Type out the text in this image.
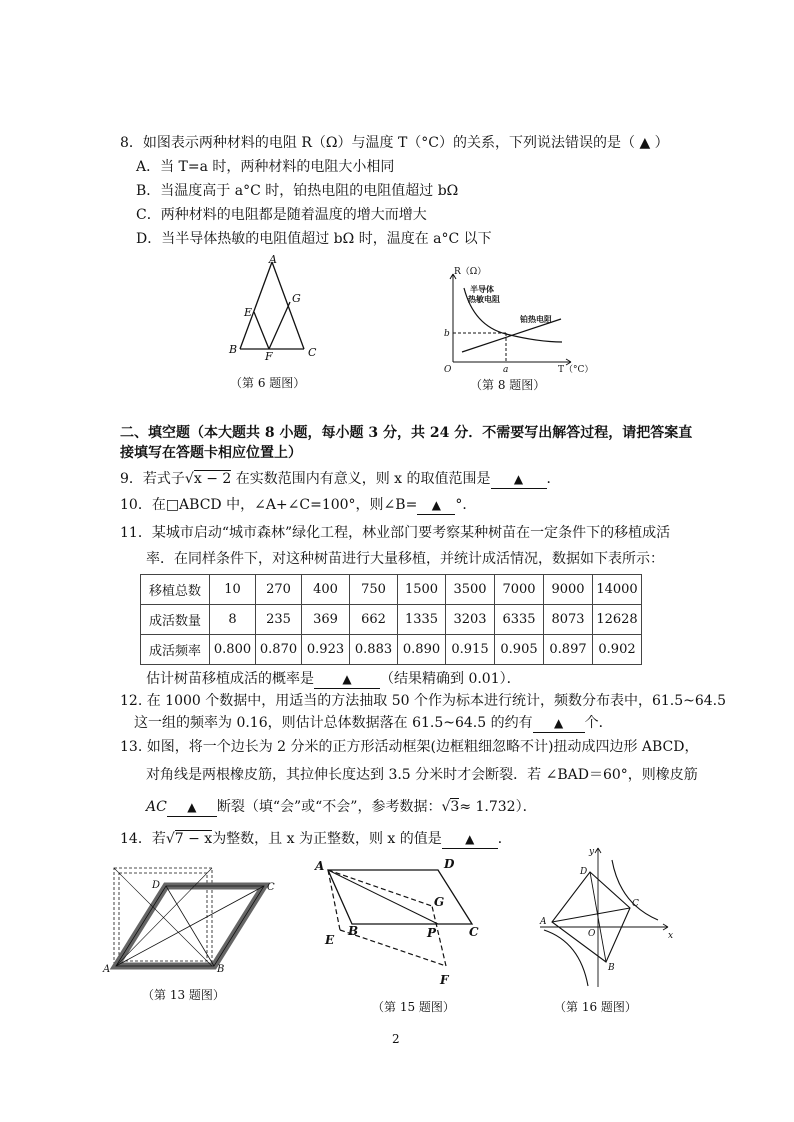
8．如图表示两种材料的电阻 R（Ω）与温度 T（°C）的关系，下列说法错误的是（ ▲ ）
A．当 T=a 时，两种材料的电阻大小相同
B．当温度高于 a°C 时，铂热电阻的电阻值超过 bΩ
C．两种材料的电阻都是随着温度的增大而增大
D．当半导体热敏的电阻值超过 bΩ 时，温度在 a°C 以下
A
B	C
E
F
G
（第 6 题图）
R（Ω）
T（°C）
O
b
a
半导体
热敏电阻
铂热电阻
（第 8 题图）
二、填空题（本大题共 8 小题，每小题 3 分，共 24 分．不需要写出解答过程，请把答案直
接填写在答题卡相应位置上）
9．若式子√x − 2 在实数范围内有意义，则 x 的取值范围是 ▲ ．
10．在□ABCD 中，∠A+∠C=100°，则∠B= ▲ °．
11．某城市启动“城市森林”绿化工程，林业部门要考察某种树苗在一定条件下的移植成活
率．在同样条件下，对这种树苗进行大量移植，并统计成活情况，数据如下表所示：
移植总数	10	270	400	750	1500	3500	7000	9000	14000
成活数量	8	235	369	662	1335	3203	6335	8073	12628
成活频率	0.800	0.870	0.923	0.883	0.890	0.915	0.905	0.897	0.902
估计树苗移植成活的概率是 ▲ （结果精确到 0.01）．
12. 在 1000 个数据中，用适当的方法抽取 50 个作为标本进行统计，频数分布表中，61.5~64.5
这一组的频率为 0.16，则估计总体数据落在 61.5~64.5 的约有 ▲ 个．
13. 如图，将一个边长为 2 分米的正方形活动框架(边框粗细忽略不计)扭动成四边形 ABCD，
对角线是两根橡皮筋，其拉伸长度达到 3.5 分米时才会断裂．若 ∠BAD＝60°，则橡皮筋
AC ▲ 断裂（填“会”或“不会”，参考数据：√3≈ 1.732）．
14．若√7 − x为整数，且 x 为正整数，则 x 的值是 ▲ ．
A	B
C
D
（第 13 题图）
A	D
B	C
E
F
G
P
（第 15 题图）
D
C
A
B
O	x
y
（第 16 题图）
2
